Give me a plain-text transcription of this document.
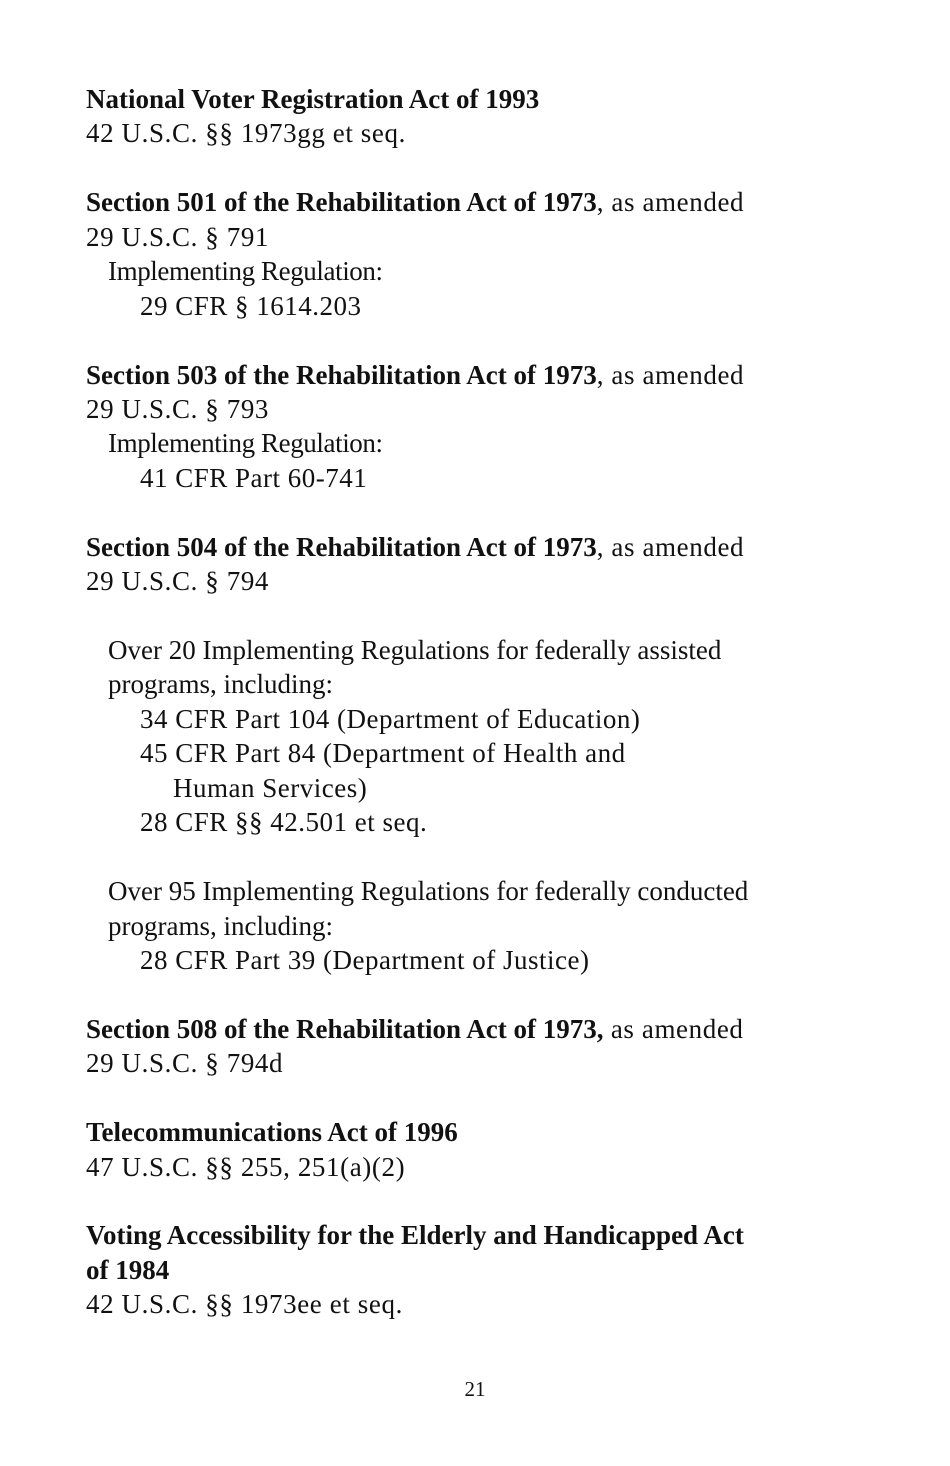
National Voter Registration Act of 1993
42 U.S.C. §§ 1973gg et seq.
Section 501 of the Rehabilitation Act of 1973, as amended
29 U.S.C. § 791
Implementing Regulation:
29 CFR § 1614.203
Section 503 of the Rehabilitation Act of 1973, as amended
29 U.S.C. § 793
Implementing Regulation:
41 CFR Part 60-741
Section 504 of the Rehabilitation Act of 1973, as amended
29 U.S.C. § 794
Over 20 Implementing Regulations for federally assisted
programs, including:
34 CFR Part 104 (Department of Education)
45 CFR Part 84 (Department of Health and
Human Services)
28 CFR §§ 42.501 et seq.
Over 95 Implementing Regulations for federally conducted
programs, including:
28 CFR Part 39 (Department of Justice)
Section 508 of the Rehabilitation Act of 1973, as amended
29 U.S.C. § 794d
Telecommunications Act of 1996
47 U.S.C. §§ 255, 251(a)(2)
Voting Accessibility for the Elderly and Handicapped Act
of 1984
42 U.S.C. §§ 1973ee et seq.
21
